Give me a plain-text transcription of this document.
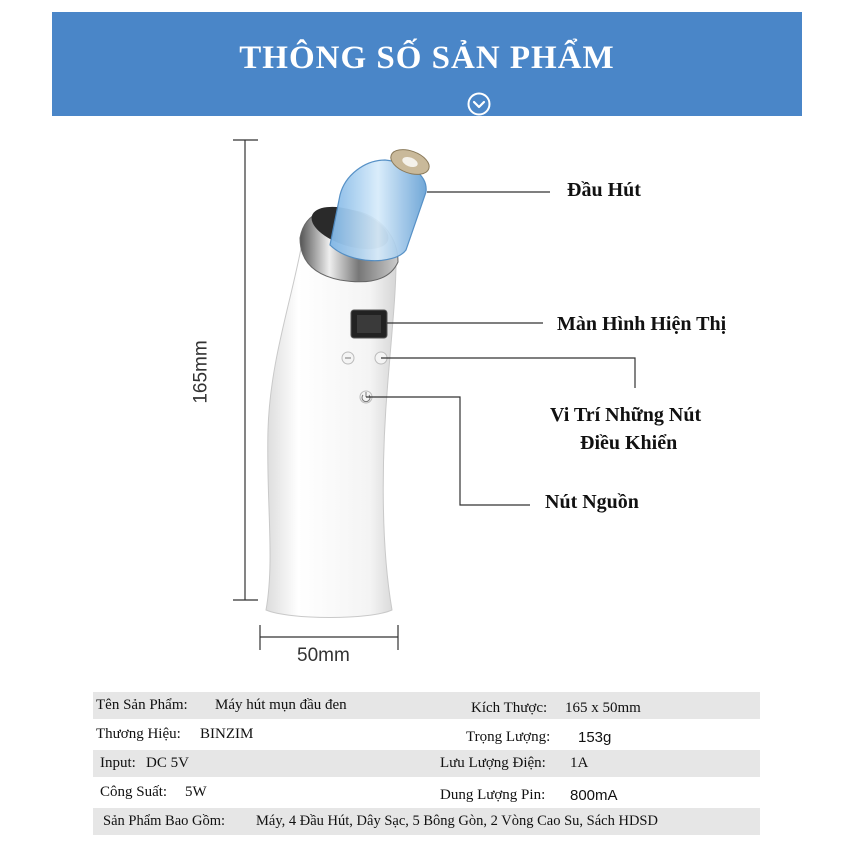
THÔNG SỐ SẢN PHẨM
Đầu Hút
Màn Hình Hiện Thị
Vi Trí Những Nút
Điều Khiển
Nút Nguồn
165mm
50mm
Tên Sản Phẩm: Máy hút mụn đầu đen	Kích Thược: 165 x 50mm
Thương Hiệu: BINZIM	Trọng Lượng: 153g
Input: DC 5V	Lưu Lượng Điện: 1A
Công Suất: 5W	Dung Lượng Pin: 800mA
Sản Phẩm Bao Gồm: Máy, 4 Đầu Hút, Dây Sạc, 5 Bông Gòn, 2 Vòng Cao Su, Sách HDSD
